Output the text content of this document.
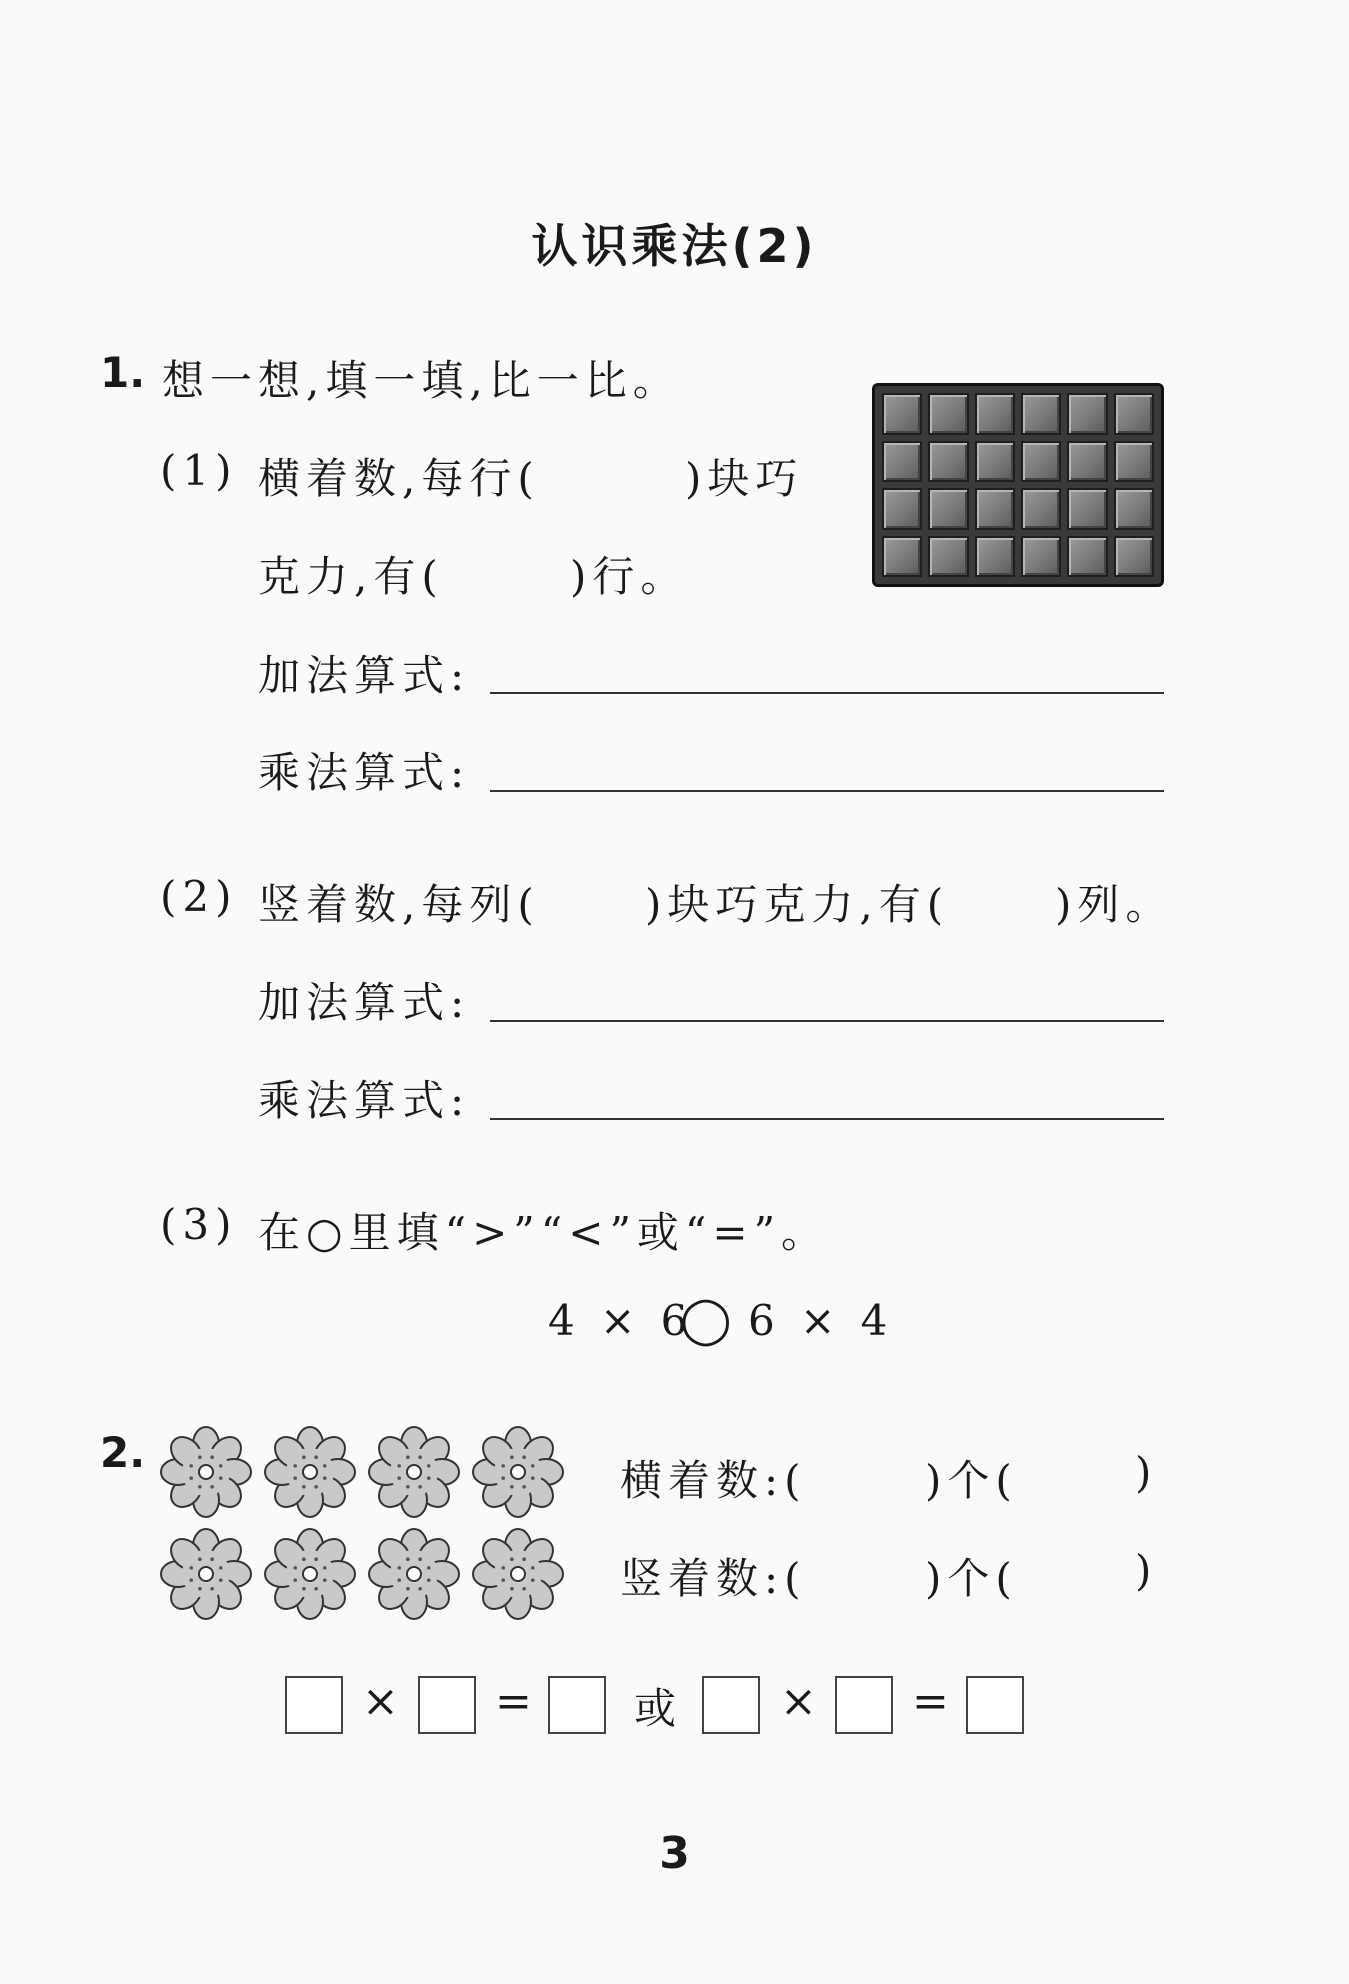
认识乘法(2)
1. 想一想,填一填,比一比。
(1) 横着数,每行(	)块巧
克力,有(	)行。
加法算式:
乘法算式:
(2) 竖着数,每列(	)块巧克力,有(	)列。
加法算式:
乘法算式:
(3) 在○里填“>”“<”或“=”。
4 × 6
◯ 6 × 4
2.
横着数:(	)个(	)
竖着数:(	)个(	)
× = 或 × =
3
